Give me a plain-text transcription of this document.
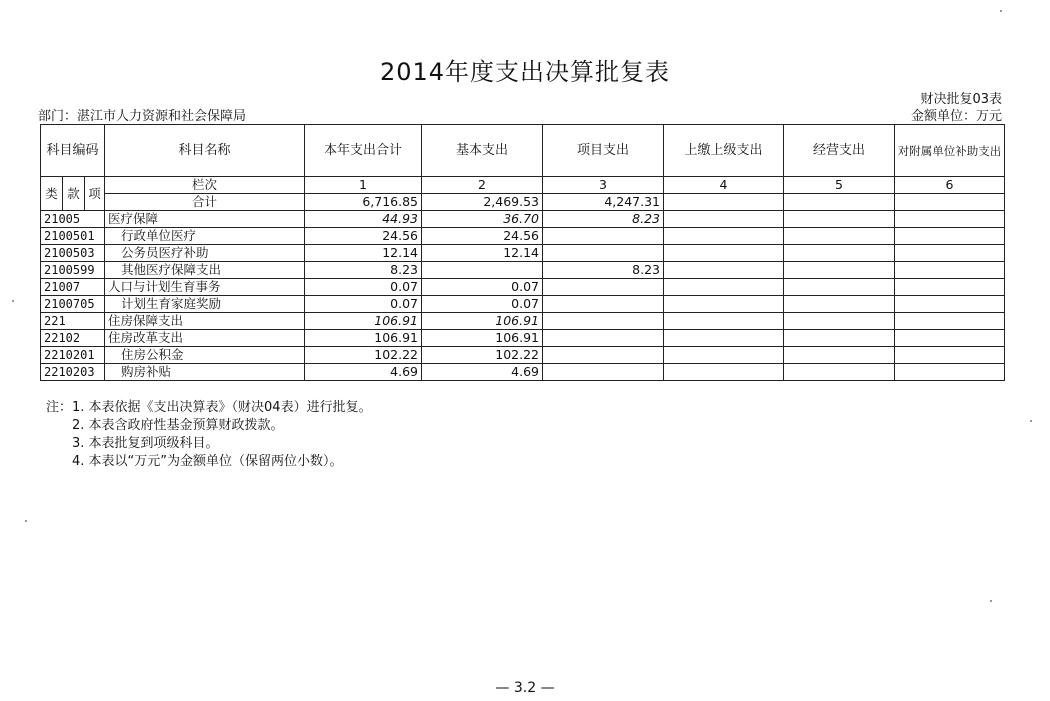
2014年度支出决算批复表
财决批复03表
金额单位：万元
部门：湛江市人力资源和社会保障局
科目编码			科目名称	本年支出合计	基本支出	项目支出	上缴上级支出	经营支出	对附属单位补助支出
类	款	项	栏次	1	2	3	4	5	6
			合计	6,716.85	2,469.53	4,247.31			
21005			医疗保障	44.93	36.70	8.23			
2100501			行政单位医疗	24.56	24.56				
2100503			公务员医疗补助	12.14	12.14				
2100599			其他医疗保障支出	8.23		8.23			
21007			人口与计划生育事务	0.07	0.07				
2100705			计划生育家庭奖励	0.07	0.07				
221			住房保障支出	106.91	106.91				
22102			住房改革支出	106.91	106.91				
2210201			住房公积金	102.22	102.22				
2210203			购房补贴	4.69	4.69				
注：1. 本表依据《支出决算表》（财决04表）进行批复。
2. 本表含政府性基金预算财政拨款。
3. 本表批复到项级科目。
4. 本表以“万元”为金额单位（保留两位小数）。
— 3.2 —
